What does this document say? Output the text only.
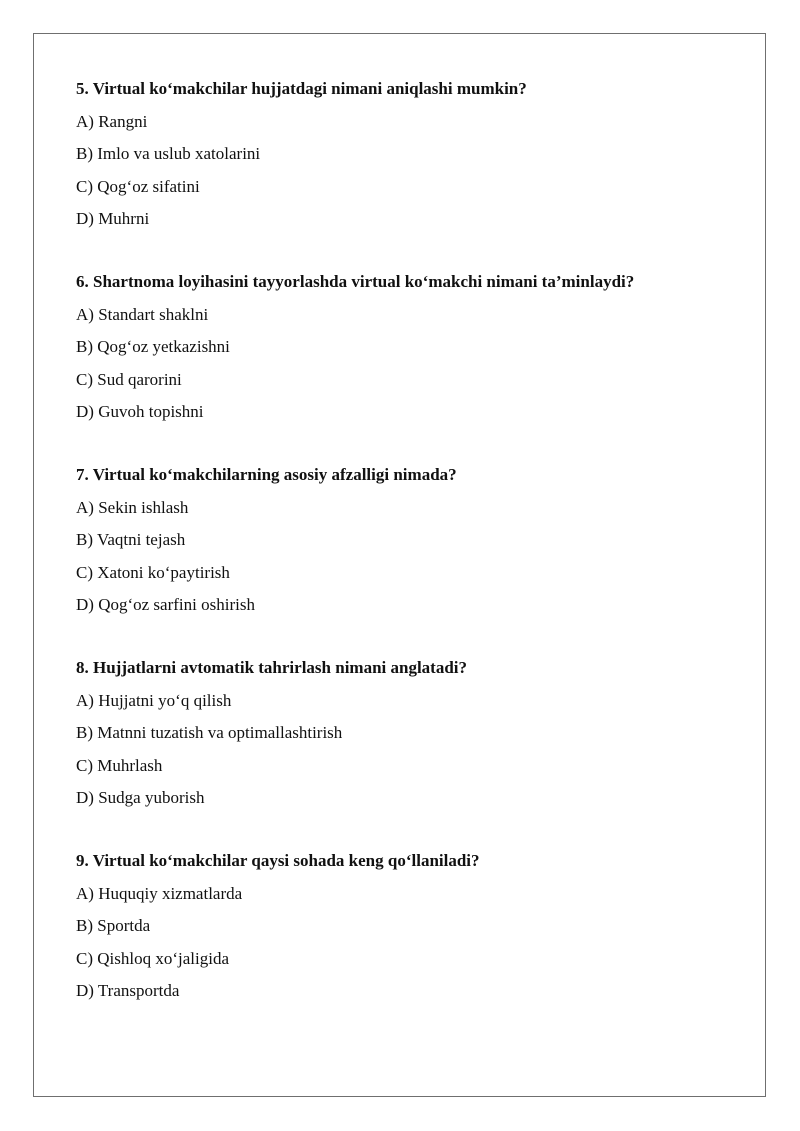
5. Virtual ko‘makchilar hujjatdagi nimani aniqlashi mumkin?
A) Rangni
B) Imlo va uslub xatolarini
C) Qog‘oz sifatini
D) Muhrni
6. Shartnoma loyihasini tayyorlashda virtual ko‘makchi nimani ta’minlaydi?
A) Standart shaklni
B) Qog‘oz yetkazishni
C) Sud qarorini
D) Guvoh topishni
7. Virtual ko‘makchilarning asosiy afzalligi nimada?
A) Sekin ishlash
B) Vaqtni tejash
C) Xatoni ko‘paytirish
D) Qog‘oz sarfini oshirish
8. Hujjatlarni avtomatik tahrirlash nimani anglatadi?
A) Hujjatni yo‘q qilish
B) Matnni tuzatish va optimallashtirish
C) Muhrlash
D) Sudga yuborish
9. Virtual ko‘makchilar qaysi sohada keng qo‘llaniladi?
A) Huquqiy xizmatlarda
B) Sportda
C) Qishloq xo‘jaligida
D) Transportda
